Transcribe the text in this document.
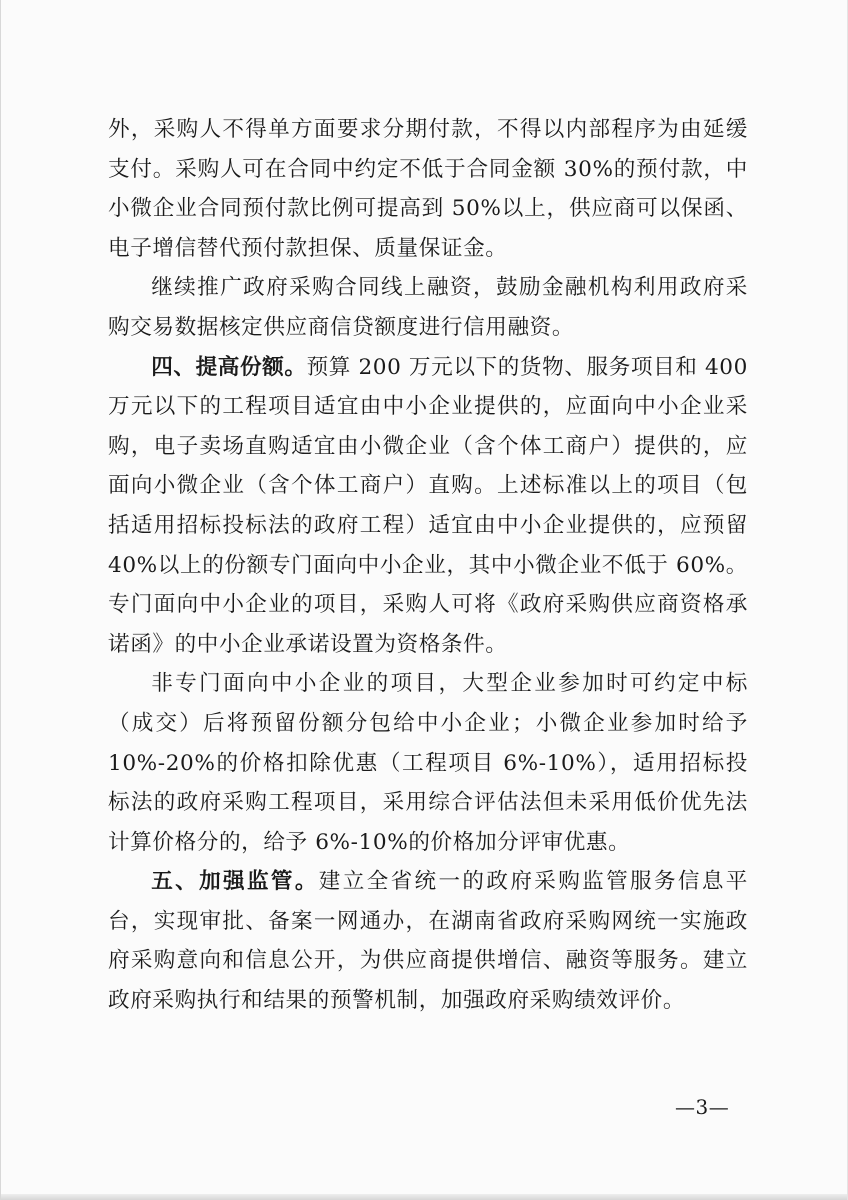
外，采购人不得单方面要求分期付款，不得以内部程序为由延缓支付。采购人可在合同中约定不低于合同金额 30%的预付款，中小微企业合同预付款比例可提高到 50%以上，供应商可以保函、电子增信替代预付款担保、质量保证金。

继续推广政府采购合同线上融资，鼓励金融机构利用政府采购交易数据核定供应商信贷额度进行信用融资。

四、提高份额。预算 200 万元以下的货物、服务项目和 400 万元以下的工程项目适宜由中小企业提供的，应面向中小企业采购，电子卖场直购适宜由小微企业（含个体工商户）提供的，应面向小微企业（含个体工商户）直购。上述标准以上的项目（包括适用招标投标法的政府工程）适宜由中小企业提供的，应预留 40%以上的份额专门面向中小企业，其中小微企业不低于 60%。专门面向中小企业的项目，采购人可将《政府采购供应商资格承诺函》的中小企业承诺设置为资格条件。

非专门面向中小企业的项目，大型企业参加时可约定中标（成交）后将预留份额分包给中小企业；小微企业参加时给予 10%-20%的价格扣除优惠（工程项目 6%-10%），适用招标投标法的政府采购工程项目，采用综合评估法但未采用低价优先法计算价格分的，给予 6%-10%的价格加分评审优惠。

五、加强监管。建立全省统一的政府采购监管服务信息平台，实现审批、备案一网通办，在湖南省政府采购网统一实施政府采购意向和信息公开，为供应商提供增信、融资等服务。建立政府采购执行和结果的预警机制，加强政府采购绩效评价。

—3—
